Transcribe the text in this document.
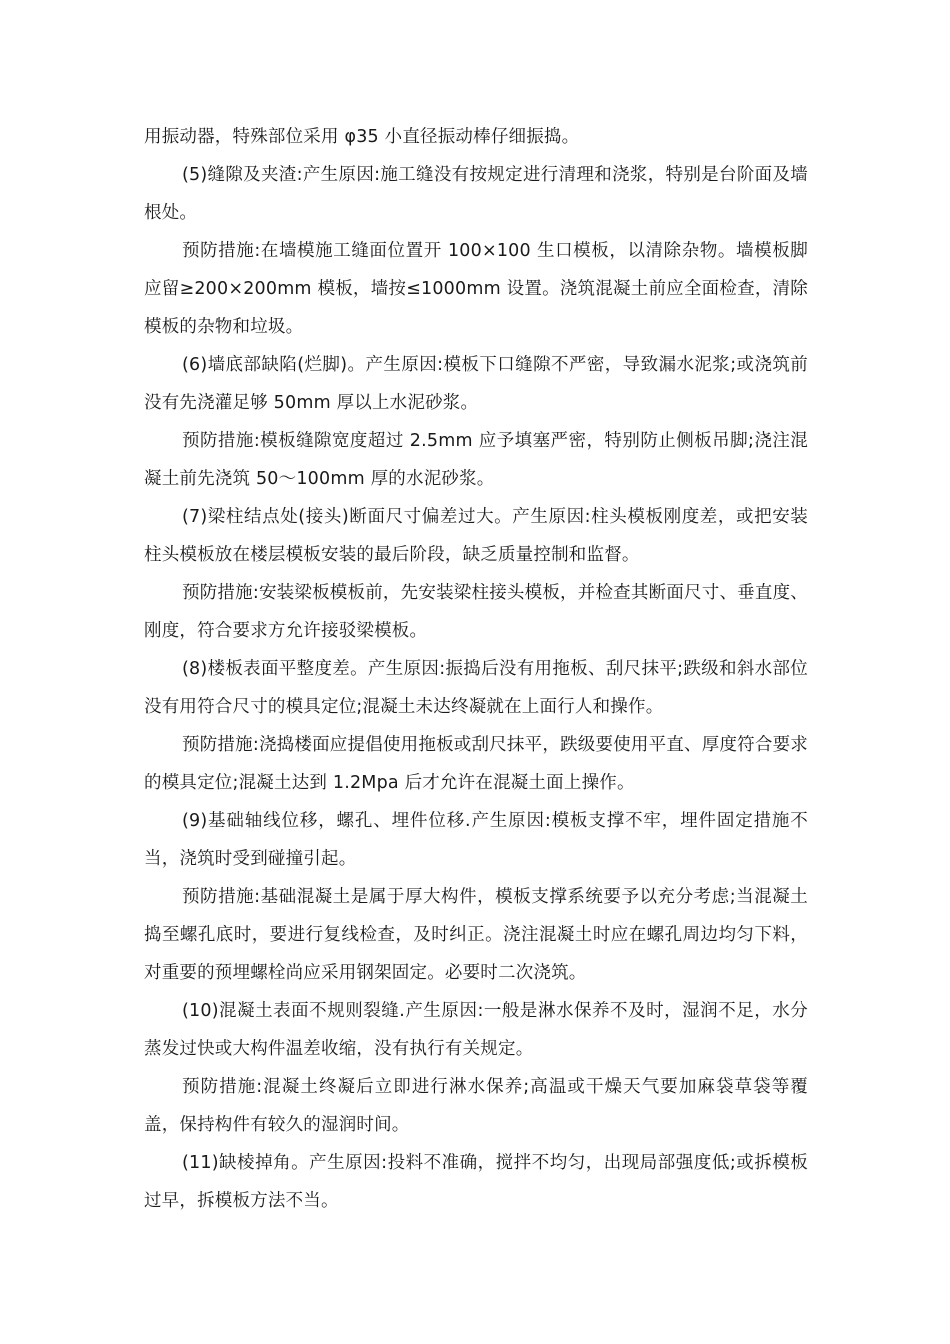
用振动器，特殊部位采用 φ35 小直径振动棒仔细振捣。

(5)缝隙及夹渣:产生原因:施工缝没有按规定进行清理和浇浆，特别是台阶面及墙根处。

预防措施:在墙模施工缝面位置开 100×100 生口模板，以清除杂物。墙模板脚应留≥200×200mm 模板，墙按≤1000mm 设置。浇筑混凝土前应全面检查，清除模板的杂物和垃圾。

(6)墙底部缺陷(烂脚)。产生原因:模板下口缝隙不严密，导致漏水泥浆;或浇筑前没有先浇灌足够 50mm 厚以上水泥砂浆。

预防措施:模板缝隙宽度超过 2.5mm 应予填塞严密，特别防止侧板吊脚;浇注混凝土前先浇筑 50～100mm 厚的水泥砂浆。

(7)梁柱结点处(接头)断面尺寸偏差过大。产生原因:柱头模板刚度差，或把安装柱头模板放在楼层模板安装的最后阶段，缺乏质量控制和监督。

预防措施:安装梁板模板前，先安装梁柱接头模板，并检查其断面尺寸、垂直度、刚度，符合要求方允许接驳梁模板。

(8)楼板表面平整度差。产生原因:振捣后没有用拖板、刮尺抹平;跌级和斜水部位没有用符合尺寸的模具定位;混凝土未达终凝就在上面行人和操作。

预防措施:浇捣楼面应提倡使用拖板或刮尺抹平，跌级要使用平直、厚度符合要求的模具定位;混凝土达到 1.2Mpa 后才允许在混凝土面上操作。

(9)基础轴线位移，螺孔、埋件位移.产生原因:模板支撑不牢，埋件固定措施不当，浇筑时受到碰撞引起。

预防措施:基础混凝土是属于厚大构件，模板支撑系统要予以充分考虑;当混凝土捣至螺孔底时，要进行复线检查，及时纠正。浇注混凝土时应在螺孔周边均匀下料，对重要的预埋螺栓尚应采用钢架固定。必要时二次浇筑。

(10)混凝土表面不规则裂缝.产生原因:一般是淋水保养不及时，湿润不足，水分蒸发过快或大构件温差收缩，没有执行有关规定。

预防措施:混凝土终凝后立即进行淋水保养;高温或干燥天气要加麻袋草袋等覆盖，保持构件有较久的湿润时间。

(11)缺棱掉角。产生原因:投料不准确，搅拌不均匀，出现局部强度低;或拆模板过早，拆模板方法不当。
